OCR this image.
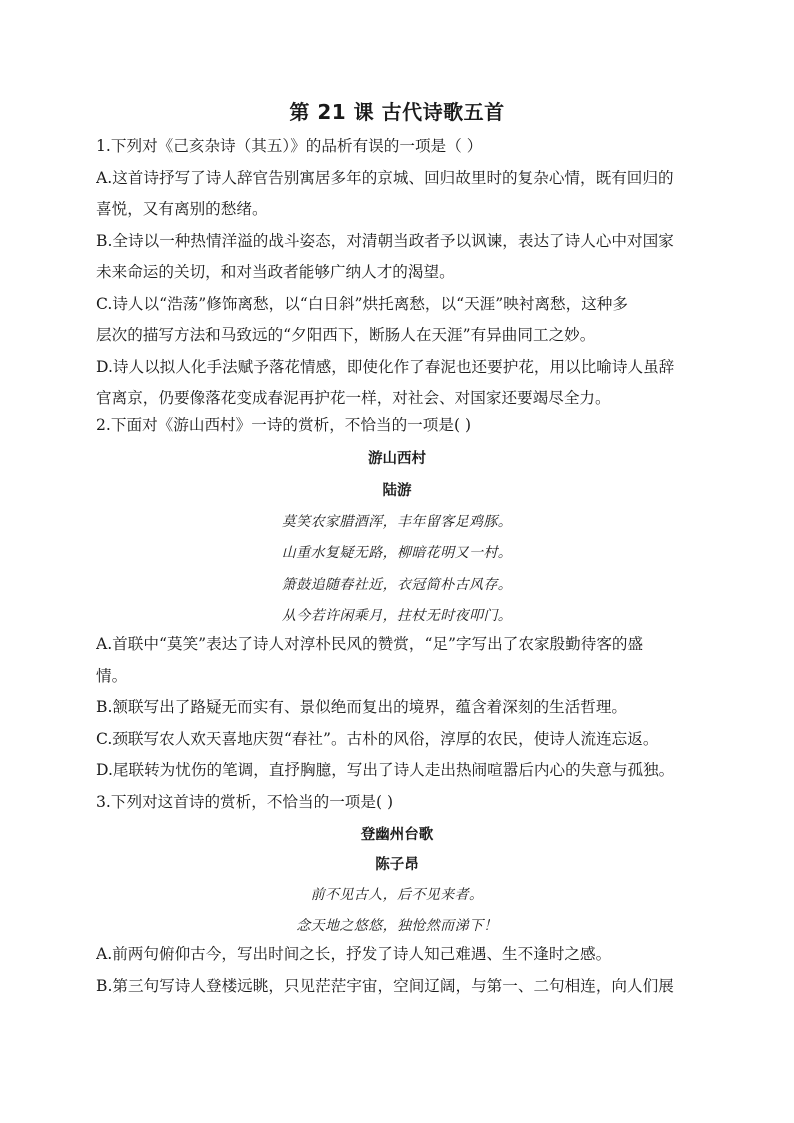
第 21 课 古代诗歌五首
1.下列对《己亥杂诗（其五）》的品析有误的一项是（ ）
A.这首诗抒写了诗人辞官告别寓居多年的京城、回归故里时的复杂心情，既有回归的
喜悦，又有离别的愁绪。
B.全诗以一种热情洋溢的战斗姿态，对清朝当政者予以讽谏，表达了诗人心中对国家
未来命运的关切，和对当政者能够广纳人才的渴望。
C.诗人以“浩荡”修饰离愁，以“白日斜”烘托离愁，以“天涯”映衬离愁，这种多
层次的描写方法和马致远的“夕阳西下，断肠人在天涯”有异曲同工之妙。
D.诗人以拟人化手法赋予落花情感，即使化作了春泥也还要护花，用以比喻诗人虽辞
官离京，仍要像落花变成春泥再护花一样，对社会、对国家还要竭尽全力。
2.下面对《游山西村》一诗的赏析，不恰当的一项是( )
游山西村
陆游
莫笑农家腊酒浑，丰年留客足鸡豚。
山重水复疑无路，柳暗花明又一村。
箫鼓追随春社近，衣冠简朴古风存。
从今若许闲乘月，拄杖无时夜叩门。
A.首联中“莫笑”表达了诗人对淳朴民风的赞赏，“足”字写出了农家殷勤待客的盛
情。
B.颔联写出了路疑无而实有、景似绝而复出的境界，蕴含着深刻的生活哲理。
C.颈联写农人欢天喜地庆贺“春社”。古朴的风俗，淳厚的农民，使诗人流连忘返。
D.尾联转为忧伤的笔调，直抒胸臆，写出了诗人走出热闹喧嚣后内心的失意与孤独。
3.下列对这首诗的赏析，不恰当的一项是( )
登幽州台歌
陈子昂
前不见古人，后不见来者。
念天地之悠悠，独怆然而涕下！
A.前两句俯仰古今，写出时间之长，抒发了诗人知己难遇、生不逢时之感。
B.第三句写诗人登楼远眺，只见茫茫宇宙，空间辽阔，与第一、二句相连，向人们展
